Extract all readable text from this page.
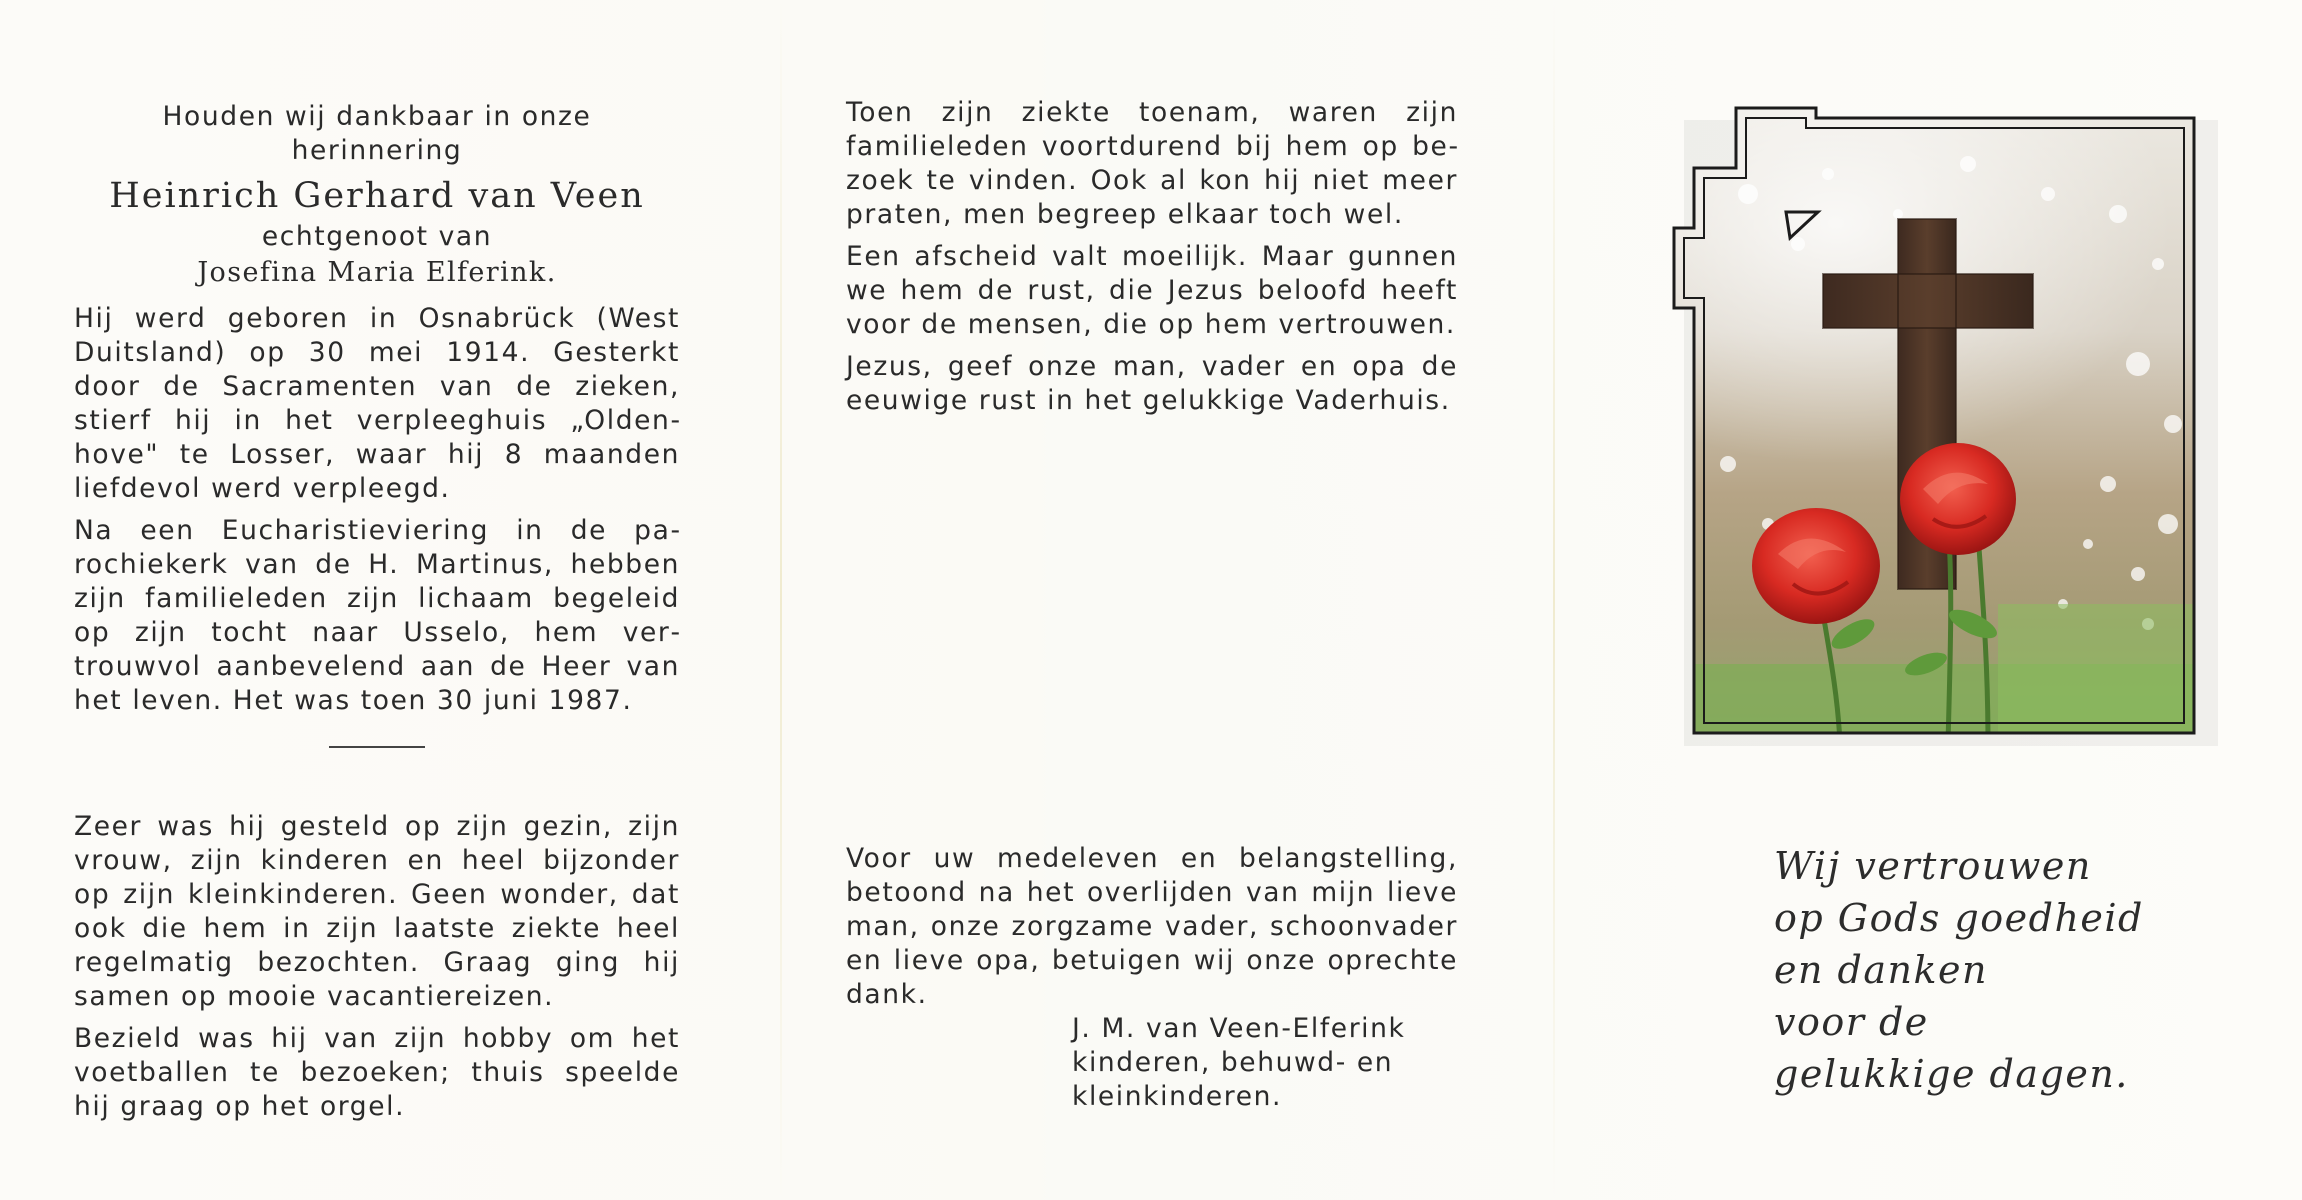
Houden wij dankbaar in onze
herinnering
Heinrich Gerhard van Veen
echtgenoot van
Josefina Maria Elferink.

Hij werd geboren in Osnabrück (West Duitsland) op 30 mei 1914. Gesterkt door de Sacramenten van de zieken, stierf hij in het verpleeghuis „Oldenhove" te Losser, waar hij 8 maanden liefdevol werd verpleegd.

Na een Eucharistieviering in de parochiekerk van de H. Martinus, hebben zijn familieleden zijn lichaam begeleid op zijn tocht naar Usselo, hem vertrouwvol aanbevelend aan de Heer van het leven. Het was toen 30 juni 1987.

Zeer was hij gesteld op zijn gezin, zijn vrouw, zijn kinderen en heel bijzonder op zijn kleinkinderen. Geen wonder, dat ook die hem in zijn laatste ziekte heel regelmatig bezochten. Graag ging hij samen op mooie vacantiereizen.

Bezield was hij van zijn hobby om het voetballen te bezoeken; thuis speelde hij graag op het orgel.

Toen zijn ziekte toenam, waren zijn familieleden voortdurend bij hem op bezoek te vinden. Ook al kon hij niet meer praten, men begreep elkaar toch wel.

Een afscheid valt moeilijk. Maar gunnen we hem de rust, die Jezus beloofd heeft voor de mensen, die op hem vertrouwen.

Jezus, geef onze man, vader en opa de eeuwige rust in het gelukkige Vaderhuis.

Voor uw medeleven en belangstelling, betoond na het overlijden van mijn lieve man, onze zorgzame vader, schoonvader en lieve opa, betuigen wij onze oprechte dank.

J. M. van Veen-Elferink
kinderen, behuwd- en
kleinkinderen.
Wij vertrouwen
op Gods goedheid
en danken
voor de
gelukkige dagen.
